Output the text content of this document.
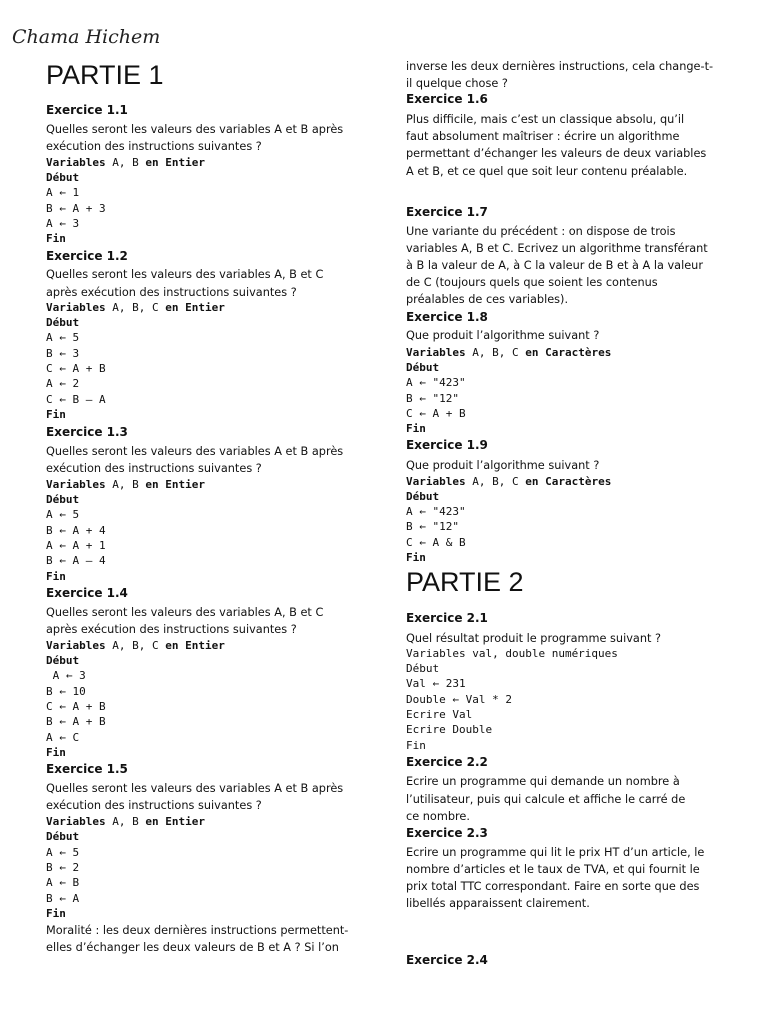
Chama Hichem
PARTIE 1
Exercice 1.1
Quelles seront les valeurs des variables A et B après
exécution des instructions suivantes ?
Variables A, B en Entier
Début
A ← 1
B ← A + 3
A ← 3
Fin
Exercice 1.2
Quelles seront les valeurs des variables A, B et C
après exécution des instructions suivantes ?
Variables A, B, C en Entier
Début
A ← 5
B ← 3
C ← A + B
A ← 2
C ← B – A
Fin
Exercice 1.3
Quelles seront les valeurs des variables A et B après
exécution des instructions suivantes ?
Variables A, B en Entier
Début
A ← 5
B ← A + 4
A ← A + 1
B ← A – 4
Fin
Exercice 1.4
Quelles seront les valeurs des variables A, B et C
après exécution des instructions suivantes ?
Variables A, B, C en Entier
Début
A ← 3
B ← 10
C ← A + B
B ← A + B
A ← C
Fin
Exercice 1.5
Quelles seront les valeurs des variables A et B après
exécution des instructions suivantes ?
Variables A, B en Entier
Début
A ← 5
B ← 2
A ← B
B ← A
Fin
Moralité : les deux dernières instructions permettent-
elles d’échanger les deux valeurs de B et A ? Si l’on
inverse les deux dernières instructions, cela change-t-
il quelque chose ?
Exercice 1.6
Plus difficile, mais c’est un classique absolu, qu’il
faut absolument maîtriser : écrire un algorithme
permettant d’échanger les valeurs de deux variables
A et B, et ce quel que soit leur contenu préalable.
Exercice 1.7
Une variante du précédent : on dispose de trois
variables A, B et C. Ecrivez un algorithme transférant
à B la valeur de A, à C la valeur de B et à A la valeur
de C (toujours quels que soient les contenus
préalables de ces variables).
Exercice 1.8
Que produit l’algorithme suivant ?
Variables A, B, C en Caractères
Début
A ← "423"
B ← "12"
C ← A + B
Fin
Exercice 1.9
Que produit l’algorithme suivant ?
Variables A, B, C en Caractères
Début
A ← "423"
B ← "12"
C ← A & B
Fin
PARTIE 2
Exercice 2.1
Quel résultat produit le programme suivant ?
Variables val, double numériques
Début
Val ← 231
Double ← Val * 2
Ecrire Val
Ecrire Double
Fin
Exercice 2.2
Ecrire un programme qui demande un nombre à
l’utilisateur, puis qui calcule et affiche le carré de
ce nombre.
Exercice 2.3
Ecrire un programme qui lit le prix HT d’un article, le
nombre d’articles et le taux de TVA, et qui fournit le
prix total TTC correspondant. Faire en sorte que des
libellés apparaissent clairement.
Exercice 2.4
